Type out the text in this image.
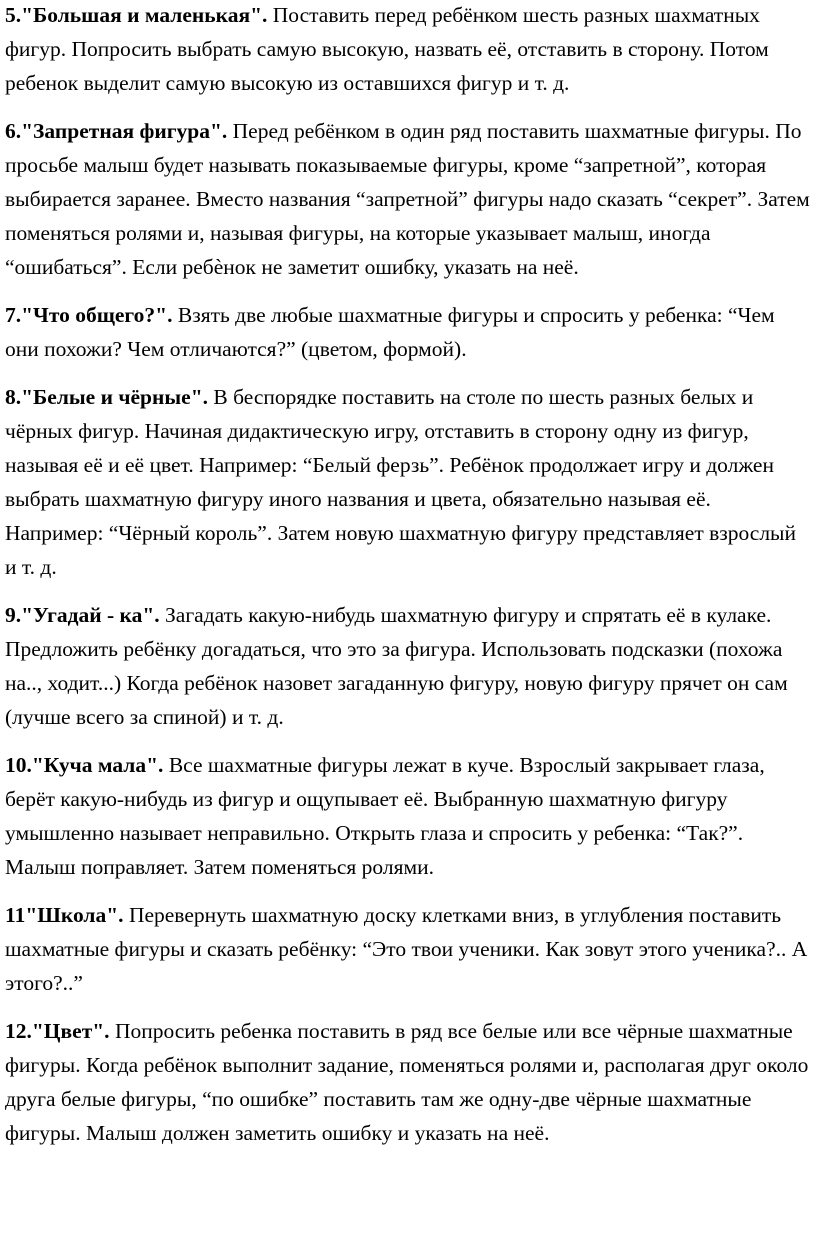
5."Большая и маленькая". Поставить перед ребёнком шесть разных шахматных фигур. Попросить выбрать самую высокую, назвать её, отставить в сторону. Потом ребенок выделит самую высокую из оставшихся фигур и т. д.

6."Запретная фигура". Перед ребёнком в один ряд поставить шахматные фигуры. По просьбе малыш будет называть показываемые фигуры, кроме “запретной”, которая выбирается заранее. Вместо названия “запретной” фигуры надо сказать “секрет”. Затем поменяться ролями и, называя фигуры, на которые указывает малыш, иногда “ошибаться”. Если ребѐнок не заметит ошибку, указать на неё.

7."Что общего?". Взять две любые шахматные фигуры и спросить у ребенка: “Чем они похожи? Чем отличаются?” (цветом, формой).

8."Белые и чёрные". В беспорядке поставить на столе по шесть разных белых и чёрных фигур. Начиная дидактическую игру, отставить в сторону одну из фигур, называя её и её цвет. Например: “Белый ферзь”. Ребёнок продолжает игру и должен выбрать шахматную фигуру иного названия и цвета, обязательно называя её. Например: “Чёрный король”. Затем новую шахматную фигуру представляет взрослый и т. д.

9."Угадай - ка". Загадать какую-нибудь шахматную фигуру и спрятать её в кулаке. Предложить ребёнку догадаться, что это за фигура. Использовать подсказки (похожа на.., ходит...) Когда ребёнок назовет загаданную фигуру, новую фигуру прячет он сам (лучше всего за спиной) и т. д.

10."Куча мала". Все шахматные фигуры лежат в куче. Взрослый закрывает глаза, берёт какую-нибудь из фигур и ощупывает её. Выбранную шахматную фигуру умышленно называет неправильно. Открыть глаза и спросить у ребенка: “Так?”. Малыш поправляет. Затем поменяться ролями.

11"Школа". Перевернуть шахматную доску клетками вниз, в углубления поставить шахматные фигуры и сказать ребёнку: “Это твои ученики. Как зовут этого ученика?.. А этого?..”

12."Цвет". Попросить ребенка поставить в ряд все белые или все чёрные шахматные фигуры. Когда ребёнок выполнит задание, поменяться ролями и, располагая друг около друга белые фигуры, “по ошибке” поставить там же одну-две чёрные шахматные фигуры. Малыш должен заметить ошибку и указать на неё.
